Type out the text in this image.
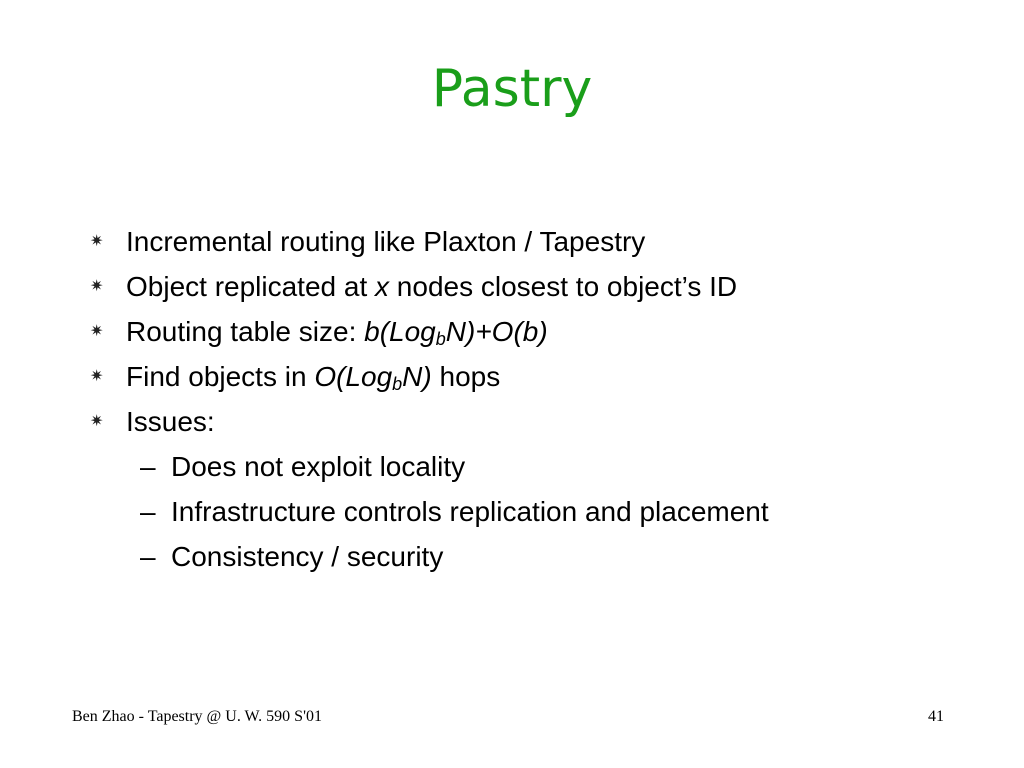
Pastry
✷ Incremental routing like Plaxton / Tapestry
✷ Object replicated at x nodes closest to object’s ID
✷ Routing table size: b(Log$_b$N)+O(b)
✷ Find objects in O(Log$_b$N) hops
✷ Issues:
– Does not exploit locality
– Infrastructure controls replication and placement
– Consistency / security
Ben Zhao - Tapestry @ U. W. 590 S'01	41
